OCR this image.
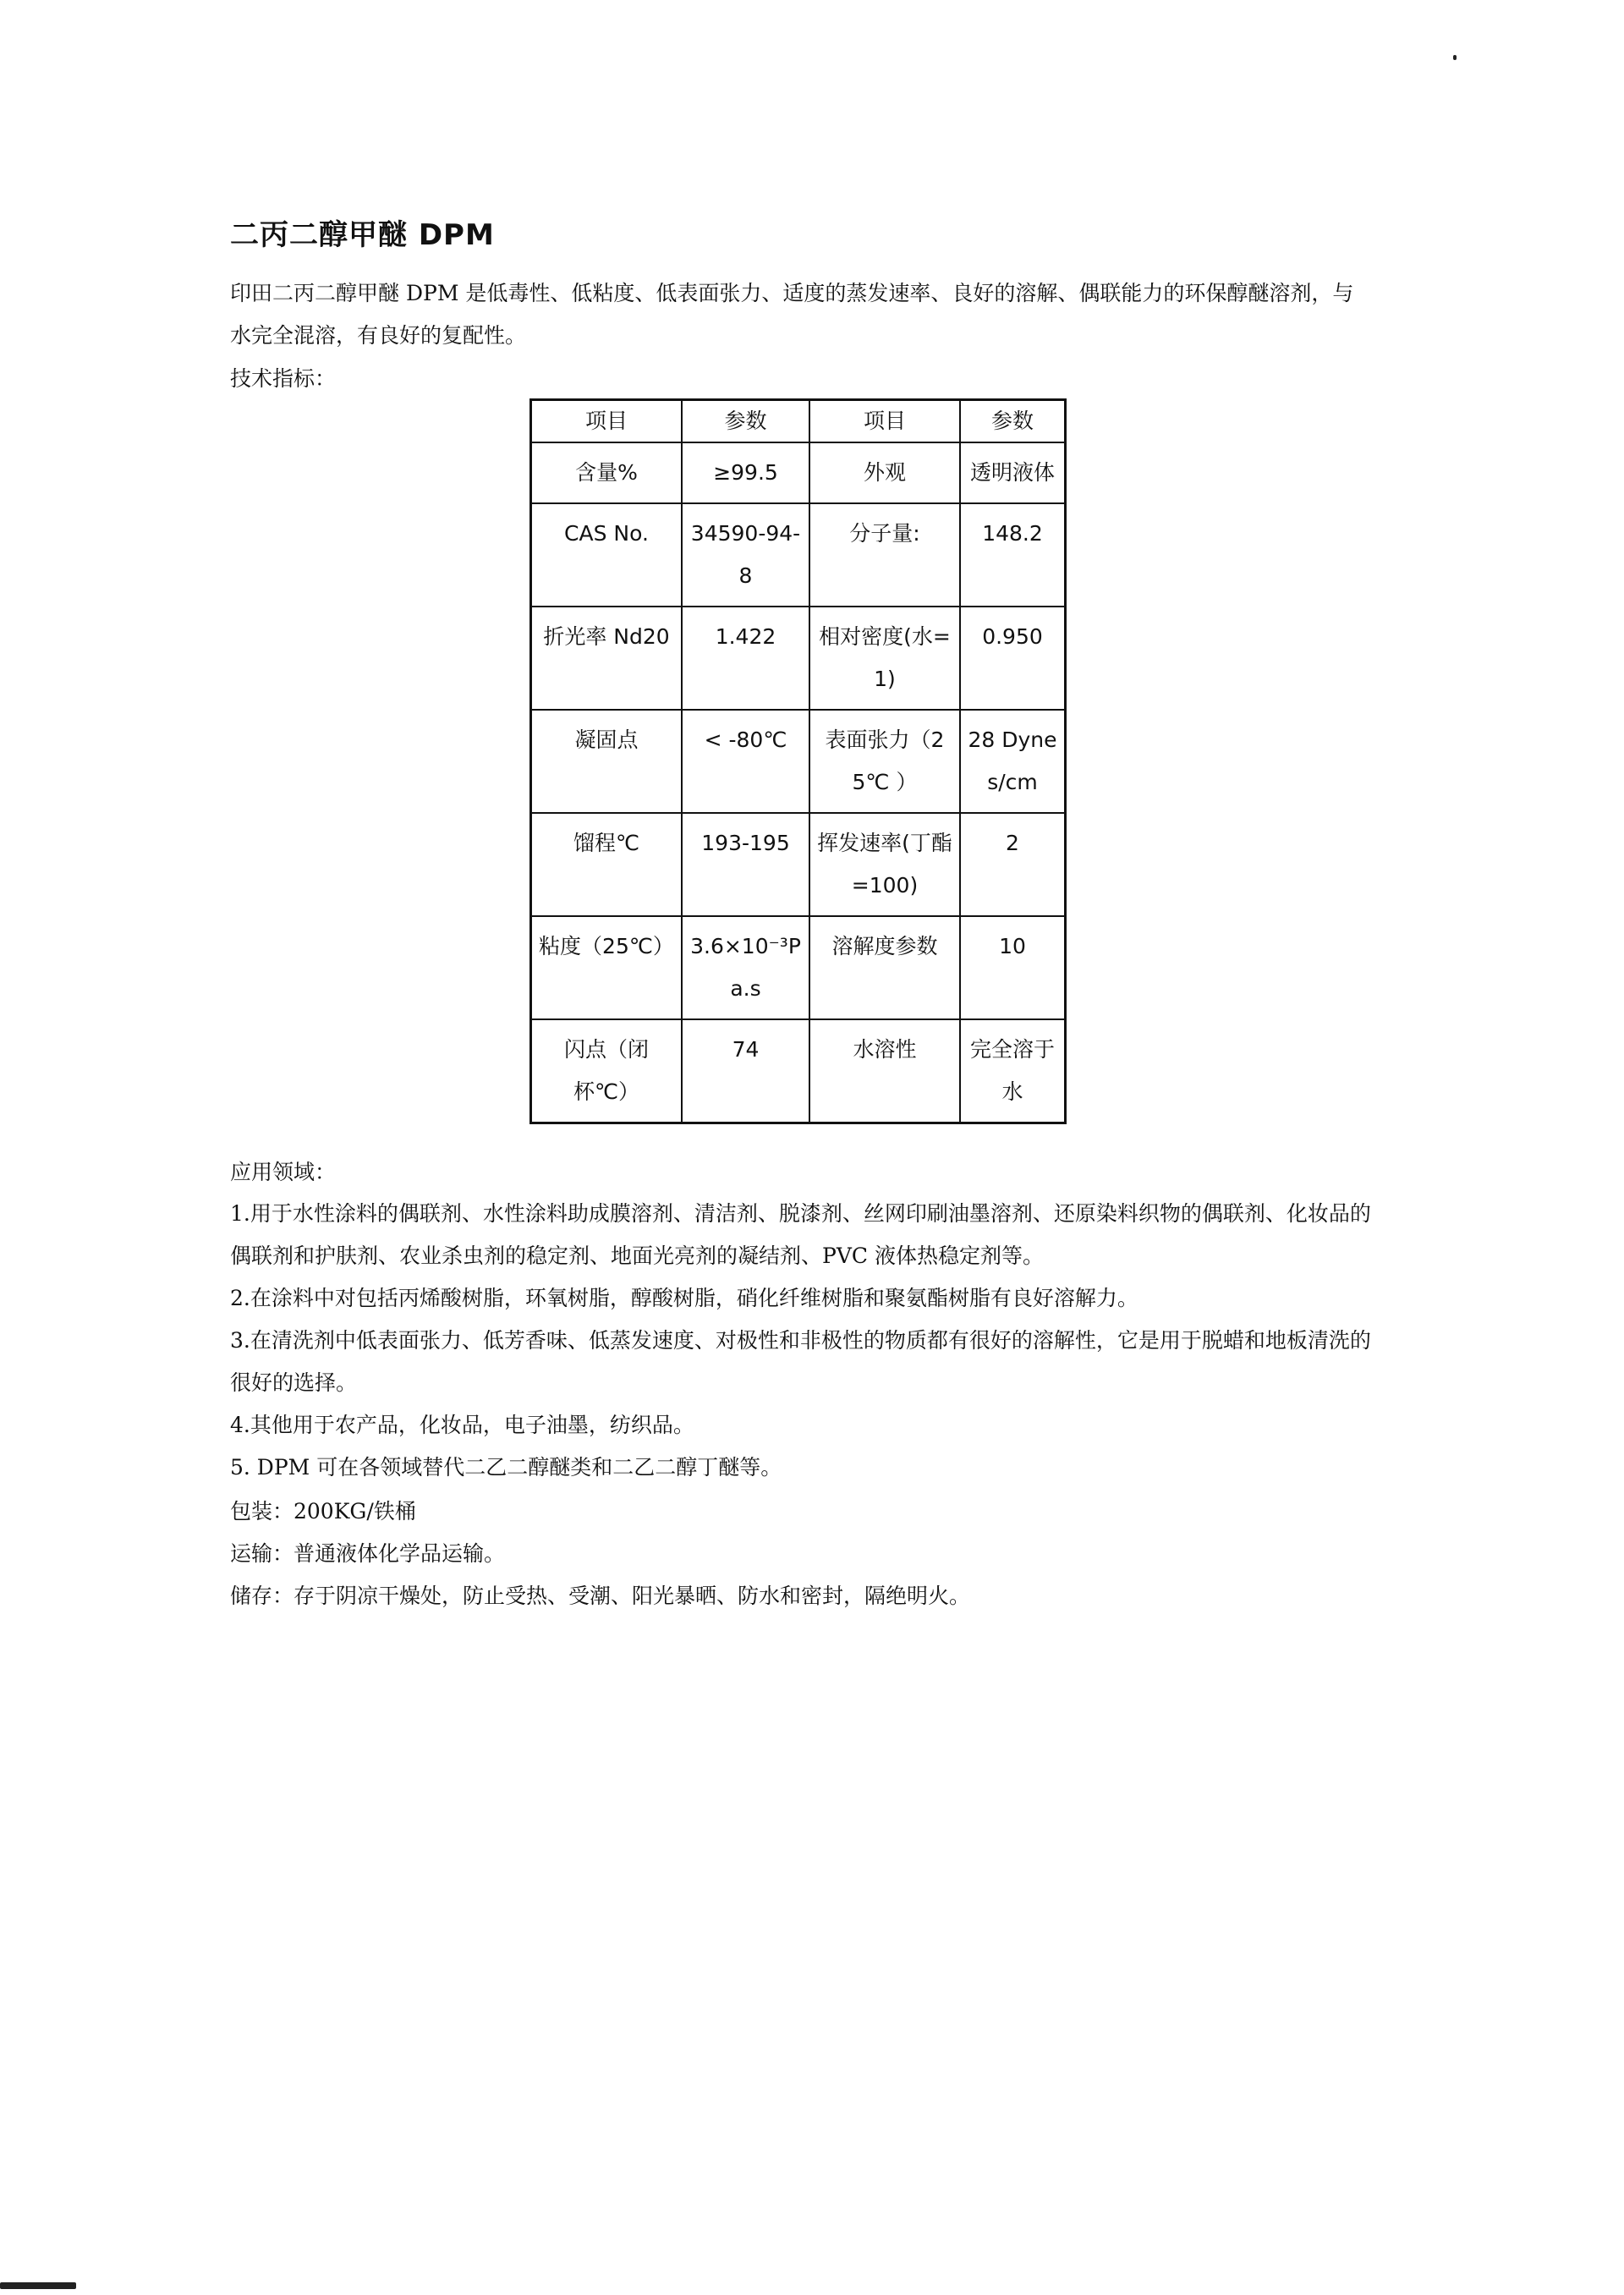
二丙二醇甲醚 DPM

印田二丙二醇甲醚 DPM 是低毒性、低粘度、低表面张力、适度的蒸发速率、良好的溶解、偶联能力的环保醇醚溶剂，与水完全混溶，有良好的复配性。

技术指标：

项目	参数	项目	参数
含量%	≥99.5	外观	透明液体
CAS No.	34590-94-8	分子量:	148.2
折光率 Nd20	1.422	相对密度(水=1)	0.950
凝固点	< -80℃	表面张力（25℃ ）	28 Dynes/cm
馏程℃	193-195	挥发速率(丁酯=100)	2
粘度（25℃）	3.6×10⁻³Pa.s	溶解度参数	10
闪点（闭杯℃）	74	水溶性	完全溶于水

应用领域：

1.用于水性涂料的偶联剂、水性涂料助成膜溶剂、清洁剂、脱漆剂、丝网印刷油墨溶剂、还原染料织物的偶联剂、化妆品的偶联剂和护肤剂、农业杀虫剂的稳定剂、地面光亮剂的凝结剂、PVC 液体热稳定剂等。
2.在涂料中对包括丙烯酸树脂，环氧树脂，醇酸树脂，硝化纤维树脂和聚氨酯树脂有良好溶解力。
3.在清洗剂中低表面张力、低芳香味、低蒸发速度、对极性和非极性的物质都有很好的溶解性，它是用于脱蜡和地板清洗的很好的选择。
4.其他用于农产品，化妆品，电子油墨，纺织品。
5. DPM 可在各领域替代二乙二醇醚类和二乙二醇丁醚等。

包装：200KG/铁桶

运输：普通液体化学品运输。

储存：存于阴凉干燥处，防止受热、受潮、阳光暴晒、防水和密封，隔绝明火。
